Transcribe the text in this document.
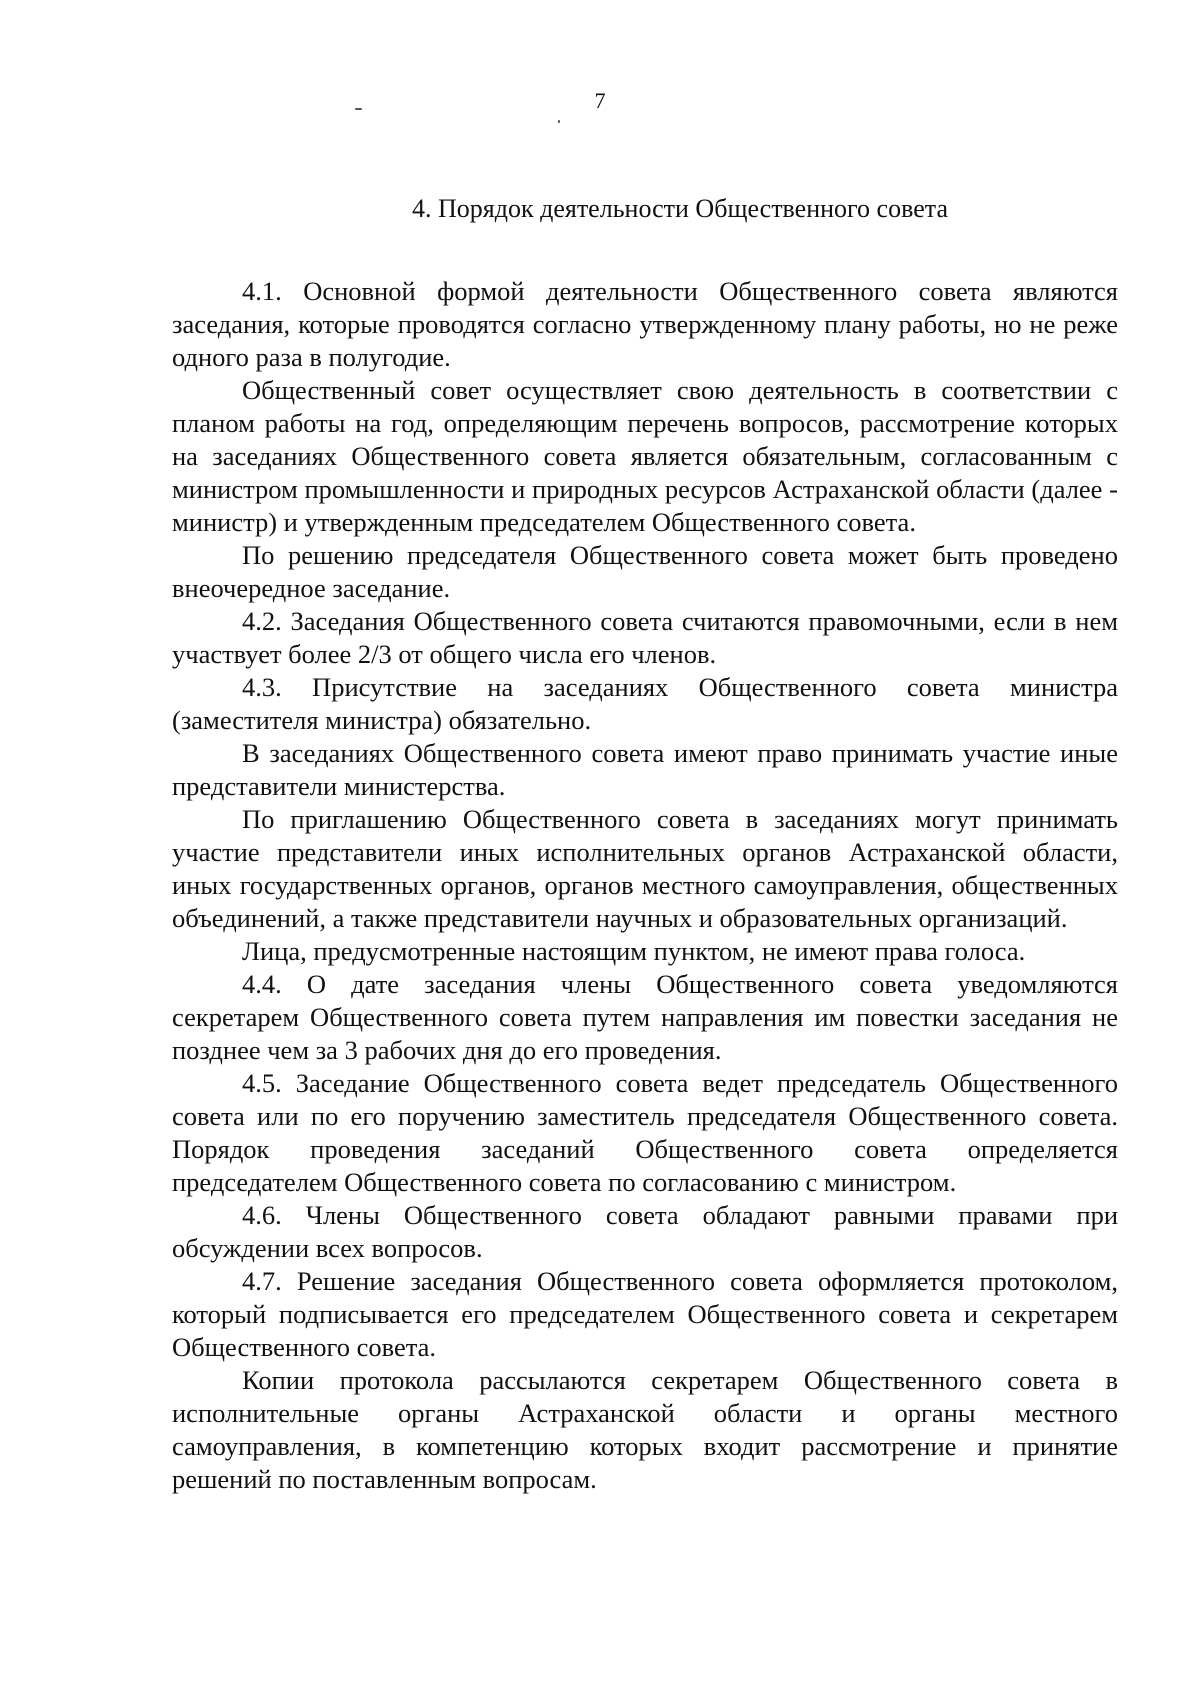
7
4. Порядок деятельности Общественного совета

4.1. Основной формой деятельности Общественного совета являются заседания, которые проводятся согласно утвержденному плану работы, но не реже одного раза в полугодие.

Общественный совет осуществляет свою деятельность в соответствии с планом работы на год, определяющим перечень вопросов, рассмотрение которых на заседаниях Общественного совета является обязательным, согласованным с министром промышленности и природных ресурсов Астраханской области (далее - министр) и утвержденным председателем Общественного совета.

По решению председателя Общественного совета может быть проведено внеочередное заседание.

4.2. Заседания Общественного совета считаются правомочными, если в нем участвует более 2/3 от общего числа его членов.

4.3. Присутствие на заседаниях Общественного совета министра (заместителя министра) обязательно.

В заседаниях Общественного совета имеют право принимать участие иные представители министерства.

По приглашению Общественного совета в заседаниях могут принимать участие представители иных исполнительных органов Астраханской области, иных государственных органов, органов местного самоуправления, общественных объединений, а также представители научных и образовательных организаций.

Лица, предусмотренные настоящим пунктом, не имеют права голоса.

4.4. О дате заседания члены Общественного совета уведомляются секретарем Общественного совета путем направления им повестки заседания не позднее чем за 3 рабочих дня до его проведения.

4.5. Заседание Общественного совета ведет председатель Общественного совета или по его поручению заместитель председателя Общественного совета. Порядок проведения заседаний Общественного совета определяется председателем Общественного совета по согласованию с министром.

4.6. Члены Общественного совета обладают равными правами при обсуждении всех вопросов.

4.7. Решение заседания Общественного совета оформляется протоколом, который подписывается его председателем Общественного совета и секретарем Общественного совета.

Копии протокола рассылаются секретарем Общественного совета в исполнительные органы Астраханской области и органы местного самоуправления, в компетенцию которых входит рассмотрение и принятие решений по поставленным вопросам.
